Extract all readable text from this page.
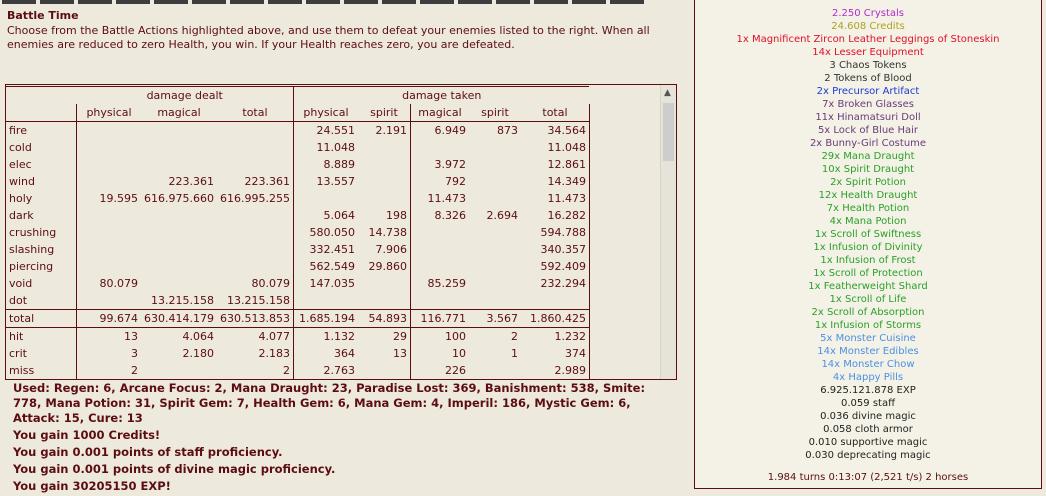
Battle Time
Choose from the Battle Actions highlighted above, and use them to defeat your enemies listed to the right. When all enemies are reduced to zero Health, you win. If your Health reaches zero, you are defeated.
	damage dealt			damage taken				
	physical	magical	total	physical	spirit	magical	spirit	total
fire				24.551	2.191	6.949	873	34.564
cold				11.048				11.048
elec				8.889		3.972		12.861
wind		223.361	223.361	13.557		792		14.349
holy	19.595	616.975.660	616.995.255			11.473		11.473
dark				5.064	198	8.326	2.694	16.282
crushing				580.050	14.738			594.788
slashing				332.451	7.906			340.357
piercing				562.549	29.860			592.409
void	80.079		80.079	147.035		85.259		232.294
dot		13.215.158	13.215.158					
total	99.674	630.414.179	630.513.853	1.685.194	54.893	116.771	3.567	1.860.425
hit	13	4.064	4.077	1.132	29	100	2	1.232
crit	3	2.180	2.183	364	13	10	1	374
miss	2		2	2.763		226		2.989
▲
Used: Regen: 6, Arcane Focus: 2, Mana Draught: 23, Paradise Lost: 369, Banishment: 538, Smite: 778, Mana Potion: 31, Spirit Gem: 7, Health Gem: 6, Mana Gem: 4, Imperil: 186, Mystic Gem: 6, Attack: 15, Cure: 13
You gain 1000 Credits!
You gain 0.001 points of staff proficiency.
You gain 0.001 points of divine magic proficiency.
You gain 30205150 EXP!
2.250 Crystals
24.608 Credits
1x Magnificent Zircon Leather Leggings of Stoneskin
14x Lesser Equipment
3 Chaos Tokens
2 Tokens of Blood
2x Precursor Artifact
7x Broken Glasses
11x Hinamatsuri Doll
5x Lock of Blue Hair
2x Bunny-Girl Costume
29x Mana Draught
10x Spirit Draught
2x Spirit Potion
12x Health Draught
7x Health Potion
4x Mana Potion
1x Scroll of Swiftness
1x Infusion of Divinity
1x Infusion of Frost
1x Scroll of Protection
1x Featherweight Shard
1x Scroll of Life
2x Scroll of Absorption
1x Infusion of Storms
5x Monster Cuisine
14x Monster Edibles
14x Monster Chow
4x Happy Pills
6.925.121.878 EXP
0.059 staff
0.036 divine magic
0.058 cloth armor
0.010 supportive magic
0.030 deprecating magic
1.984 turns 0:13:07 (2,521 t/s) 2 horses
